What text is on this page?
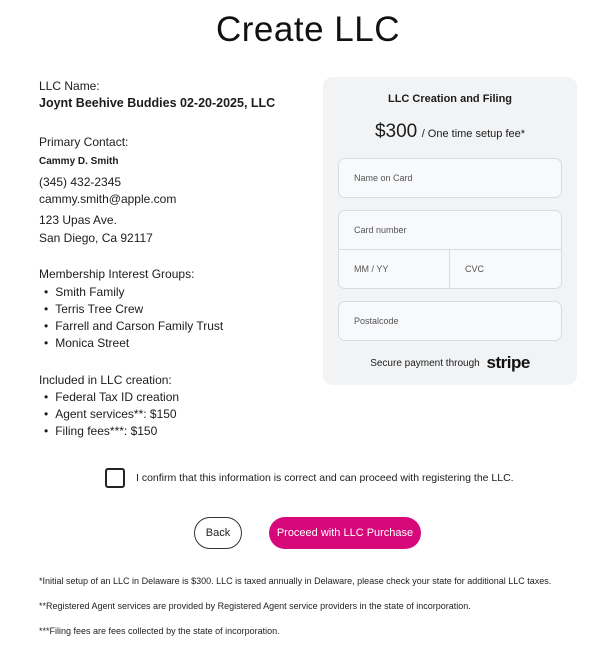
Create LLC
LLC Name:
Joynt Beehive Buddies 02-20-2025, LLC
Primary Contact:
Cammy D. Smith
(345) 432-2345
cammy.smith@apple.com
123 Upas Ave.
San Diego, Ca 92117
Membership Interest Groups:
• Smith Family
• Terris Tree Crew
• Farrell and Carson Family Trust
• Monica Street
Included in LLC creation:
• Federal Tax ID creation
• Agent services**: $150
• Filing fees***: $150
LLC Creation and Filing
$300 / One time setup fee*
Name on Card
Card number
MM / YY	CVC
Postalcode
Secure payment through stripe
I confirm that this information is correct and can proceed with registering the LLC.
Back	Proceed with LLC Purchase
*Initial setup of an LLC in Delaware is $300. LLC is taxed annually in Delaware, please check your state for additional LLC taxes.
**Registered Agent services are provided by Registered Agent service providers in the state of incorporation.
***Filing fees are fees collected by the state of incorporation.
